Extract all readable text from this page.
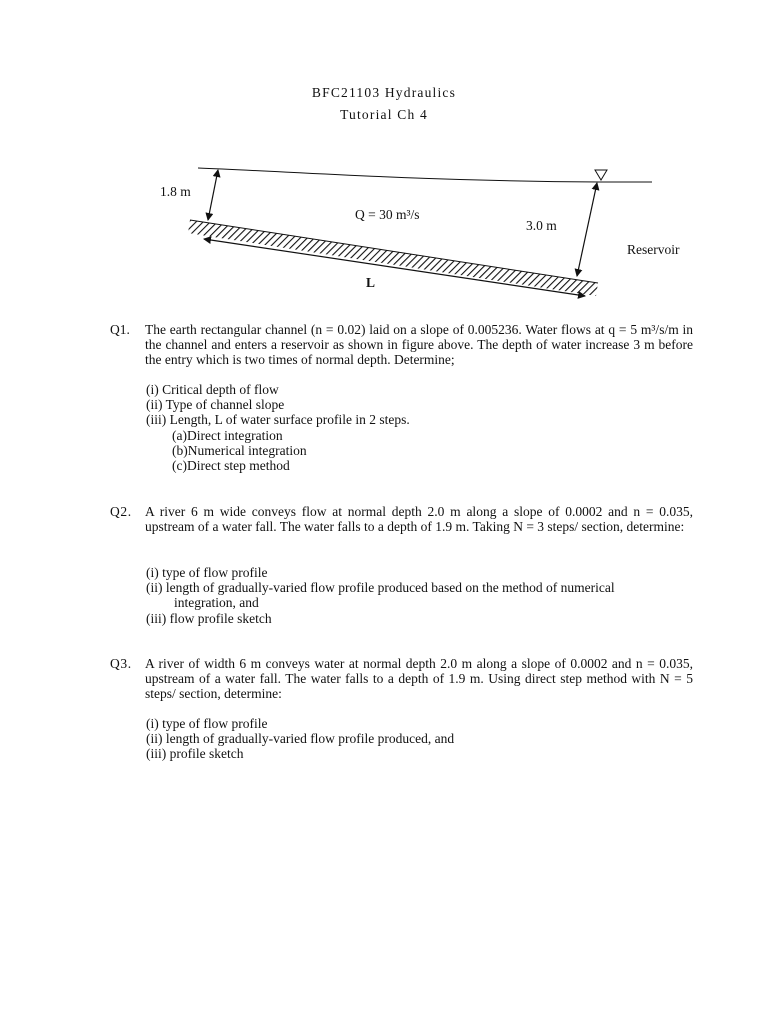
BFC21103 Hydraulics
Tutorial Ch 4
1.8 m
Q = 30 m³/s
3.0 m
Reservoir
L
Q1. The earth rectangular channel (n = 0.02) laid on a slope of 0.005236. Water flows at q = 5 m³/s/m in the channel and enters a reservoir as shown in figure above. The depth of water increase 3 m before the entry which is two times of normal depth. Determine;
(i) Critical depth of flow
(ii) Type of channel slope
(iii) Length, L of water surface profile in 2 steps.
(a)Direct integration
(b)Numerical integration
(c)Direct step method
Q2. A river 6 m wide conveys flow at normal depth 2.0 m along a slope of 0.0002 and n = 0.035, upstream of a water fall. The water falls to a depth of 1.9 m. Taking N = 3 steps/ section, determine:
(i) type of flow profile
(ii) length of gradually-varied flow profile produced based on the method of numerical
integration, and
(iii) flow profile sketch
Q3. A river of width 6 m conveys water at normal depth 2.0 m along a slope of 0.0002 and n = 0.035, upstream of a water fall. The water falls to a depth of 1.9 m. Using direct step method with N = 5 steps/ section, determine:
(i) type of flow profile
(ii) length of gradually-varied flow profile produced, and
(iii) profile sketch
